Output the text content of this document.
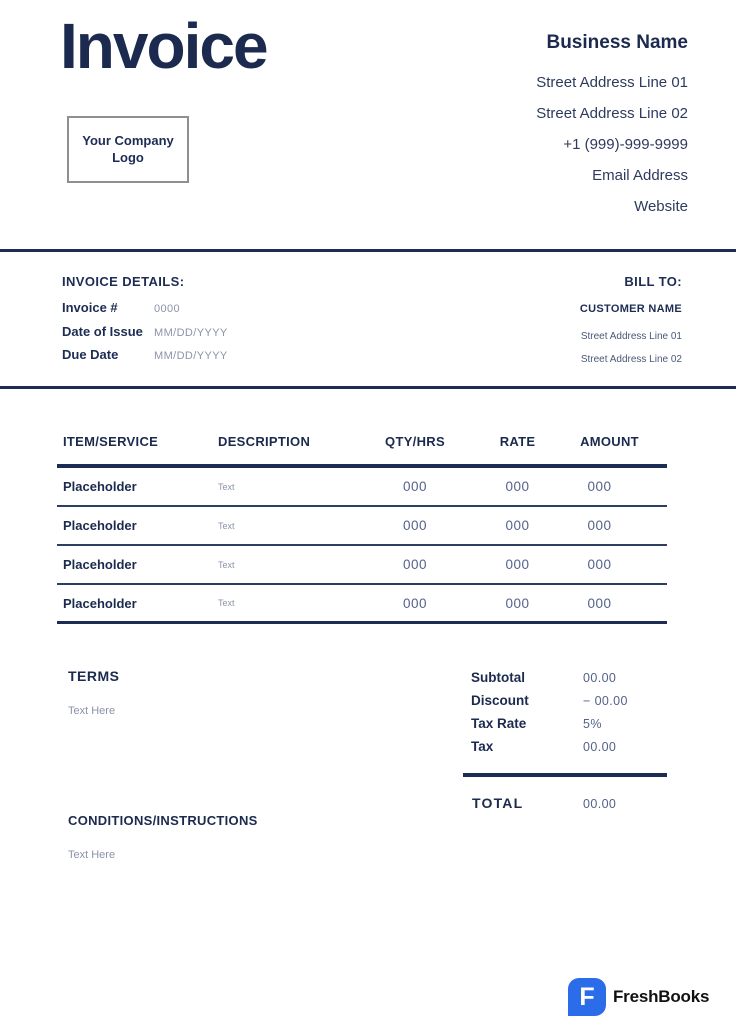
Invoice
Your Company
Logo
Business Name
Street Address Line 01
Street Address Line 02
+1 (999)-999-9999
Email Address
Website
INVOICE DETAILS:
Invoice #	0000
Date of Issue	MM/DD/YYYY
Due Date	MM/DD/YYYY
BILL TO:
CUSTOMER NAME
Street Address Line 01
Street Address Line 02
ITEM/SERVICE	DESCRIPTION	QTY/HRS	RATE	AMOUNT
Placeholder	Text	000	000	000
Placeholder	Text	000	000	000
Placeholder	Text	000	000	000
Placeholder	Text	000	000	000
TERMS
Text Here
Subtotal	00.00
Discount	− 00.00
Tax Rate	5%
Tax	00.00
TOTAL	00.00
CONDITIONS/INSTRUCTIONS
Text Here
F	FreshBooks
